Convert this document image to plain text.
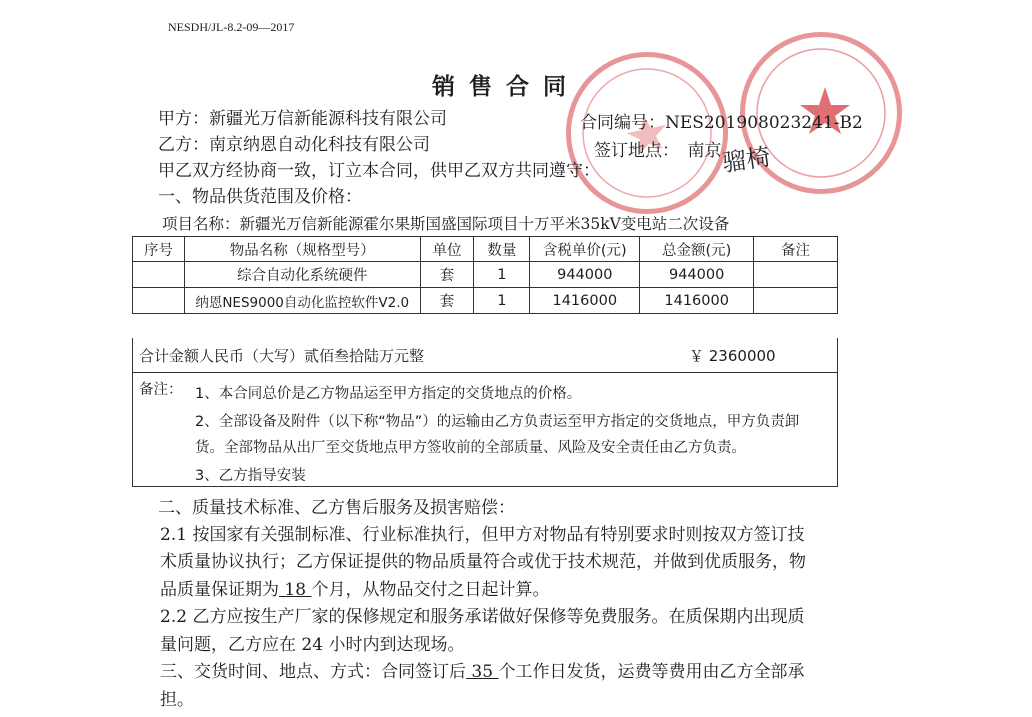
NESDH/JL-8.2-09—2017
销售合同
甲方：新疆光万信新能源科技有限公司	合同编号：NES201908023241-B2
乙方：南京纳恩自动化科技有限公司	签订地点：　南京 骝椅
甲乙双方经协商一致，订立本合同，供甲乙双方共同遵守：
一、物品供货范围及价格：
项目名称：新疆光万信新能源霍尔果斯国盛国际项目十万平米35kV变电站二次设备
序号	物品名称（规格型号）	单位	数量	含税单价(元)	总金额(元)	备注
	综合自动化系统硬件	套	1	944000	944000	
	纳恩NES9000自动化监控软件V2.0	套	1	1416000	1416000	
合计金额人民币（大写）贰佰叁拾陆万元整	￥ 2360000
备注： 1、本合同总价是乙方物品运至甲方指定的交货地点的价格。
2、全部设备及附件（以下称“物品”）的运输由乙方负责运至甲方指定的交货地点，甲方负责卸
货。全部物品从出厂至交货地点甲方签收前的全部质量、风险及安全责任由乙方负责。
3、乙方指导安装
二、质量技术标准、乙方售后服务及损害赔偿：
2.1 按国家有关强制标准、行业标准执行，但甲方对物品有特别要求时则按双方签订技
术质量协议执行；乙方保证提供的物品质量符合或优于技术规范，并做到优质服务，物
品质量保证期为 18 个月，从物品交付之日起计算。
2.2 乙方应按生产厂家的保修规定和服务承诺做好保修等免费服务。在质保期内出现质
量问题，乙方应在 24 小时内到达现场。
三、交货时间、地点、方式：合同签订后 35 个工作日发货，运费等费用由乙方全部承
担。
